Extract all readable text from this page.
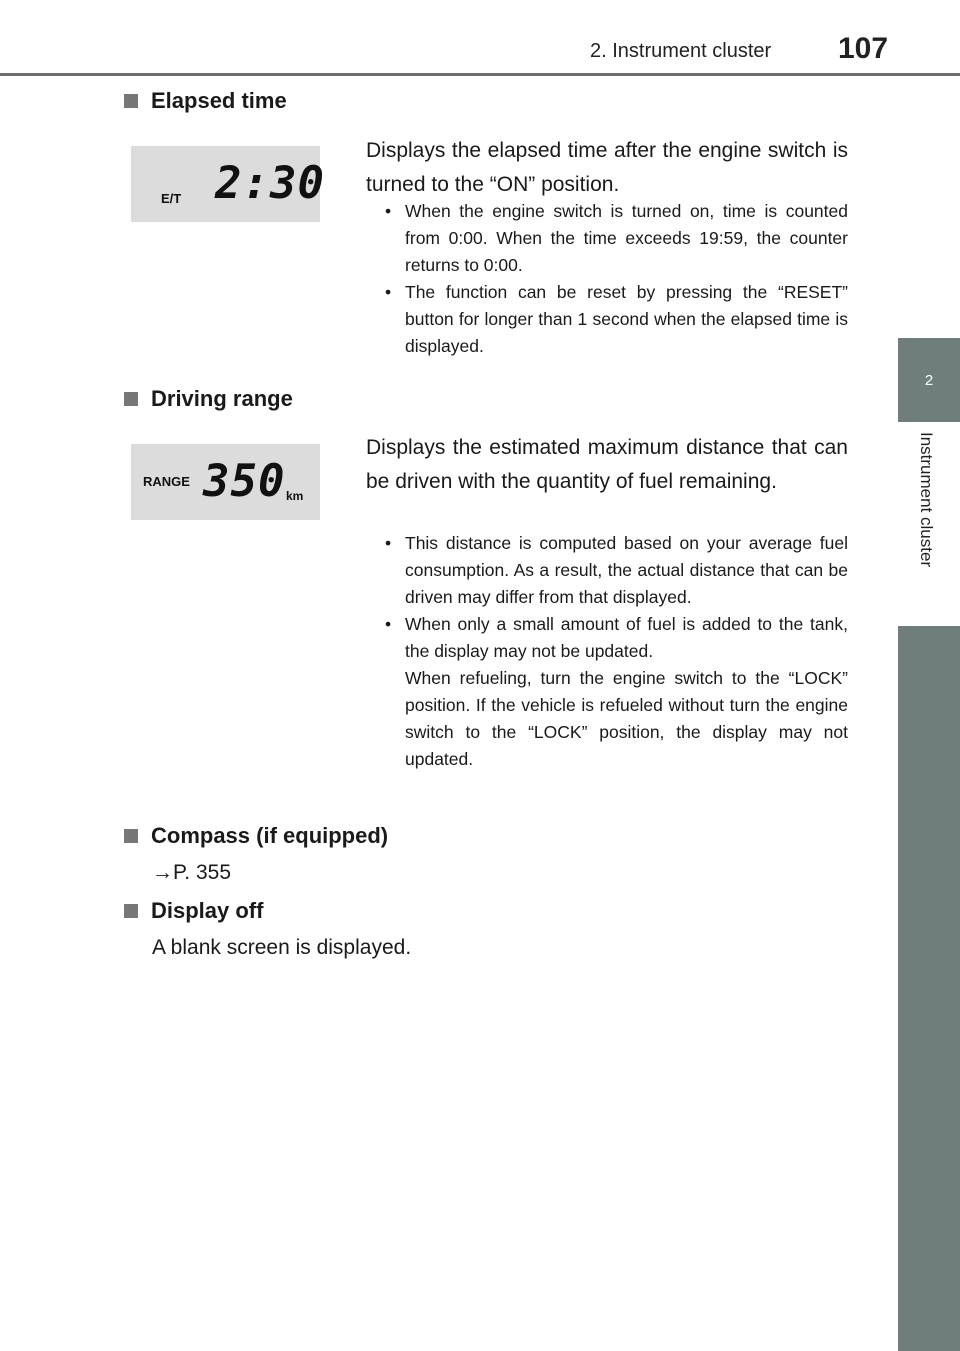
2. Instrument cluster 107
2
Instrument cluster
Elapsed time
E/T 2:30

Displays the elapsed time after the engine switch is turned to the “ON” position.

• When the engine switch is turned on, time is counted from 0:00. When the time exceeds 19:59, the counter returns to 0:00.
• The function can be reset by pressing the “RESET” button for longer than 1 second when the elapsed time is displayed.
Driving range
RANGE 350 km

Displays the estimated maximum distance that can be driven with the quantity of fuel remaining.

• This distance is computed based on your average fuel consumption. As a result, the actual distance that can be driven may differ from that displayed.
• When only a small amount of fuel is added to the tank, the display may not be updated.
When refueling, turn the engine switch to the “LOCK” position. If the vehicle is refueled without turn the engine switch to the “LOCK” position, the display may not updated.
Compass (if equipped)
→P. 355
Display off
A blank screen is displayed.
